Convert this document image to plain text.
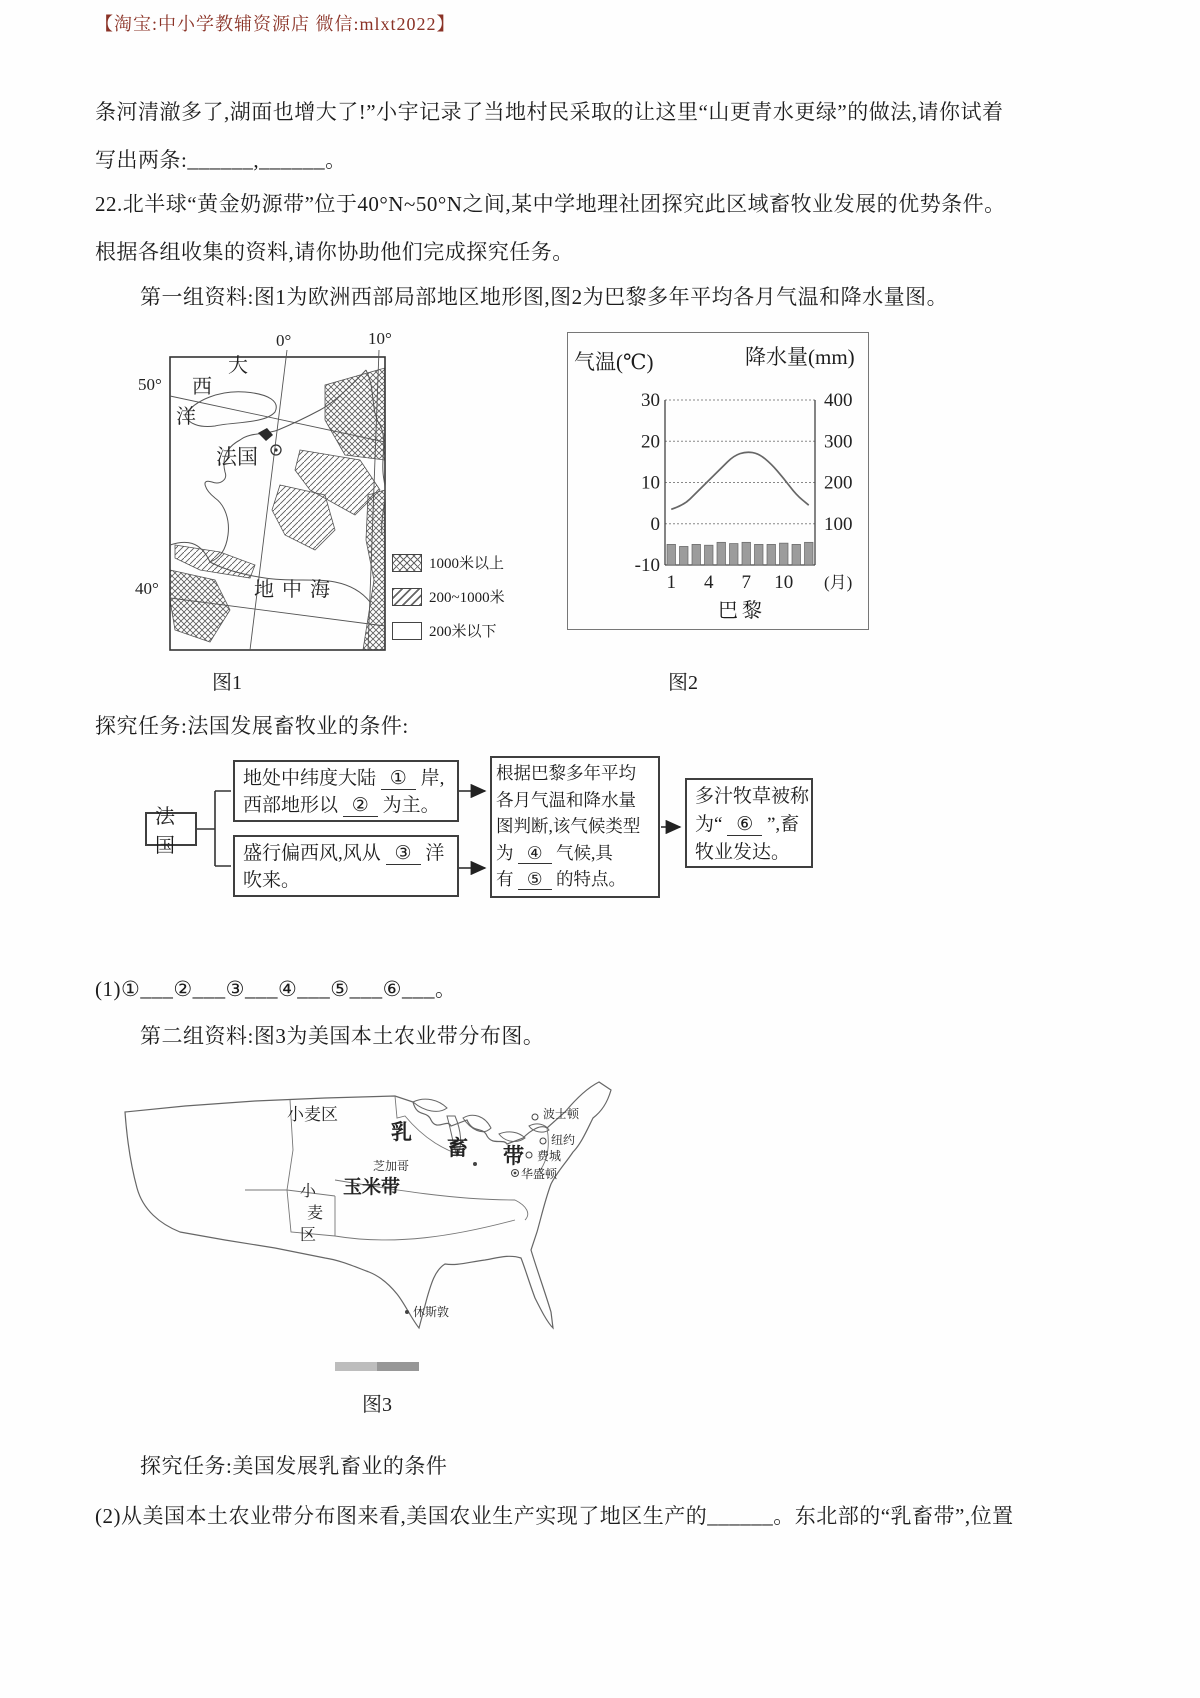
【淘宝:中小学教辅资源店 微信:mlxt2022】
条河清澈多了,湖面也增大了!”小宇记录了当地村民采取的让这里“山更青水更绿”的做法,请你试着
写出两条:______,______。
22.北半球“黄金奶源带”位于40°N~50°N之间,某中学地理社团探究此区域畜牧业发展的优势条件。
根据各组收集的资料,请你协助他们完成探究任务。
第一组资料:图1为欧洲西部局部地区地形图,图2为巴黎多年平均各月气温和降水量图。
1000米以上
200~1000米
200米以下
0°	10°
50°
40°
大
西
洋
法国
地中海
图1
气温(℃)	降水量(mm)
30
20
10
0
-10
400
300
200
100
1 4 7 10 (月)
巴黎
图2
探究任务:法国发展畜牧业的条件:
法国
地处中纬度大陆 ① 岸,
西部地形以 ② 为主。
盛行偏西风,风从 ③ 洋
吹来。
根据巴黎多年平均
各月气温和降水量
图判断,该气候类型
为 ④ 气候,具
有 ⑤ 的特点。
多汁牧草被称
为“ ⑥ ”,畜
牧业发达。
(1)①___②___③___④___⑤___⑥___。
第二组资料:图3为美国本土农业带分布图。
小麦区
乳
畜 带
芝加哥
玉米带
小
麦
区
波士顿
纽约
费城
华盛顿
休斯敦
图3
探究任务:美国发展乳畜业的条件
(2)从美国本土农业带分布图来看,美国农业生产实现了地区生产的______。东北部的“乳畜带”,位置
